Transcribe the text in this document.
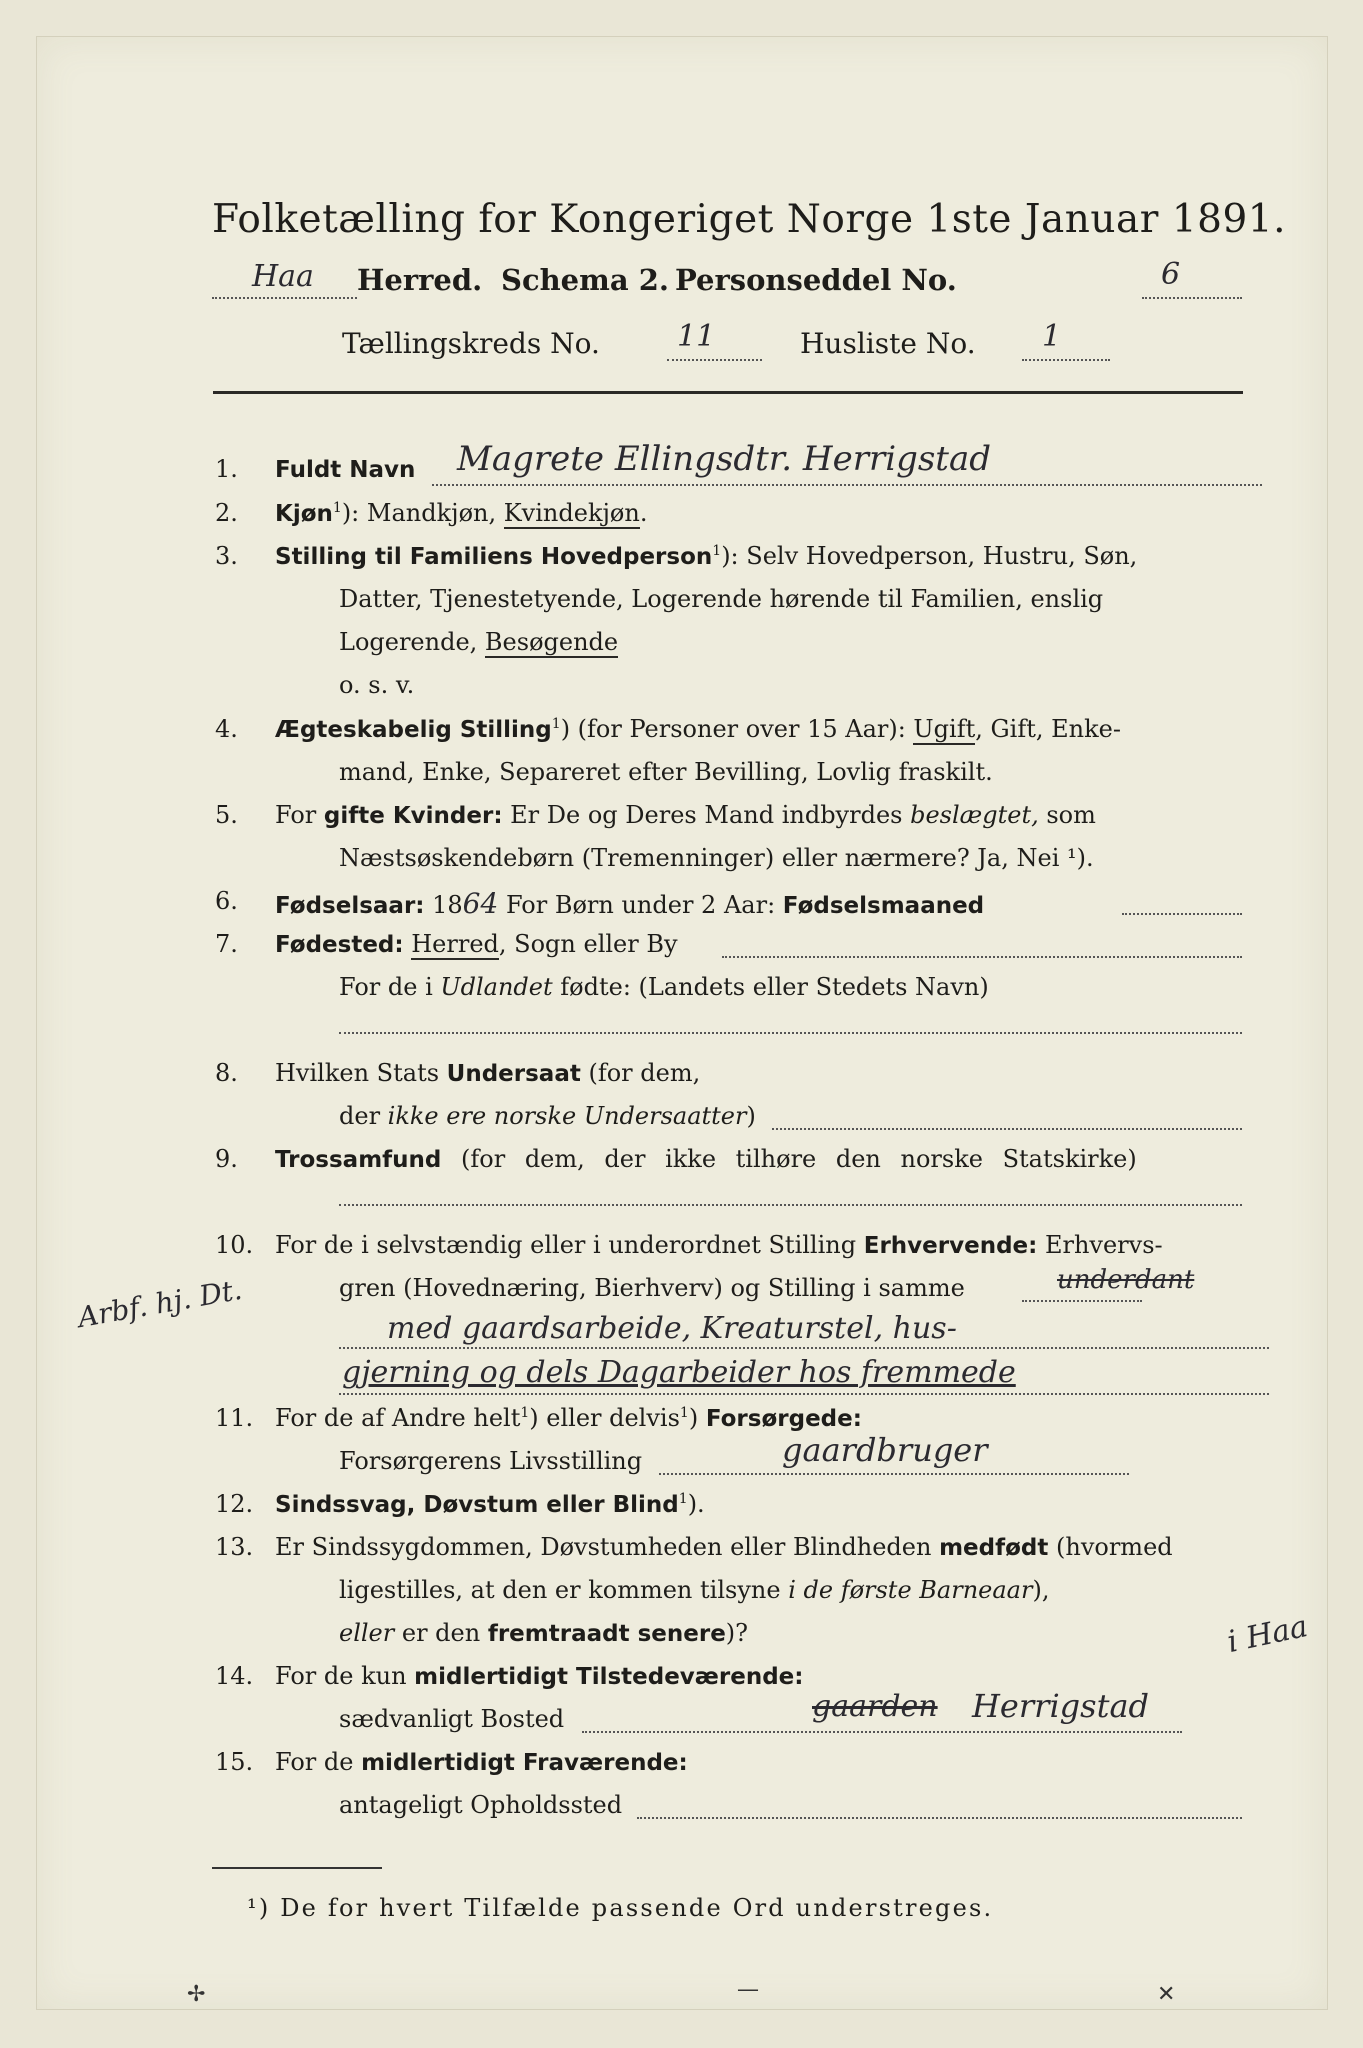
Folketælling for Kongeriget Norge 1ste Januar 1891.
Haa Herred. Schema 2. Personseddel No.	6
Tællingskreds No.	11	Husliste No. 1
1.	Fuldt Navn Magrete Ellingsdtr. Herrigstad
2.	Kjøn$^1$): Mandkjøn, Kvindekjøn.
3.	Stilling til Familiens Hovedperson$^1$): Selv Hovedperson, Hustru, Søn,
Datter, Tjenestetyende, Logerende hørende til Familien, enslig
Logerende, Besøgende
o. s. v.
4.	Ægteskabelig Stilling$^1$) (for Personer over 15 Aar): Ugift, Gift, Enke-
mand, Enke, Separeret efter Bevilling, Lovlig fraskilt.
5.	For gifte Kvinder: Er De og Deres Mand indbyrdes beslægtet, som
Næstsøskendebørn (Tremenninger) eller nærmere? Ja, Nei ¹).
6.	Fødselsaar: 1864 For Børn under 2 Aar: Fødselsmaaned
7.	Fødested: Herred, Sogn eller By
For de i Udlandet fødte: (Landets eller Stedets Navn)
8.	Hvilken Stats Undersaat (for dem,
der ikke ere norske Undersaatter)
9.	Trossamfund (for dem, der ikke tilhøre den norske Statskirke)
10. For de i selvstændig eller i underordnet Stilling Erhvervende: Erhvervs-
gren (Hovednæring, Bierhverv) og Stilling i samme	underdant
Arbf. hj. Dt.	med gaardsarbeide, Kreaturstel, hus-
gjerning og dels Dagarbeider hos fremmede
11. For de af Andre helt$^1$) eller delvis$^1$) Forsørgede:
Forsørgerens Livsstilling	gaardbruger
12. Sindssvag, Døvstum eller Blind$^1$).
13. Er Sindssygdommen, Døvstumheden eller Blindheden medfødt (hvormed
ligestilles, at den er kommen tilsyne i de første Barneaar),
eller er den fremtraadt senere)?
14. For de kun midlertidigt Tilstedeværende:
sædvanligt Bosted	gaarden Herrigstad
i Haa
15. For de midlertidigt Fraværende:
antageligt Opholdssted
¹) De for hvert Tilfælde passende Ord understreges.
✢	—	✕
